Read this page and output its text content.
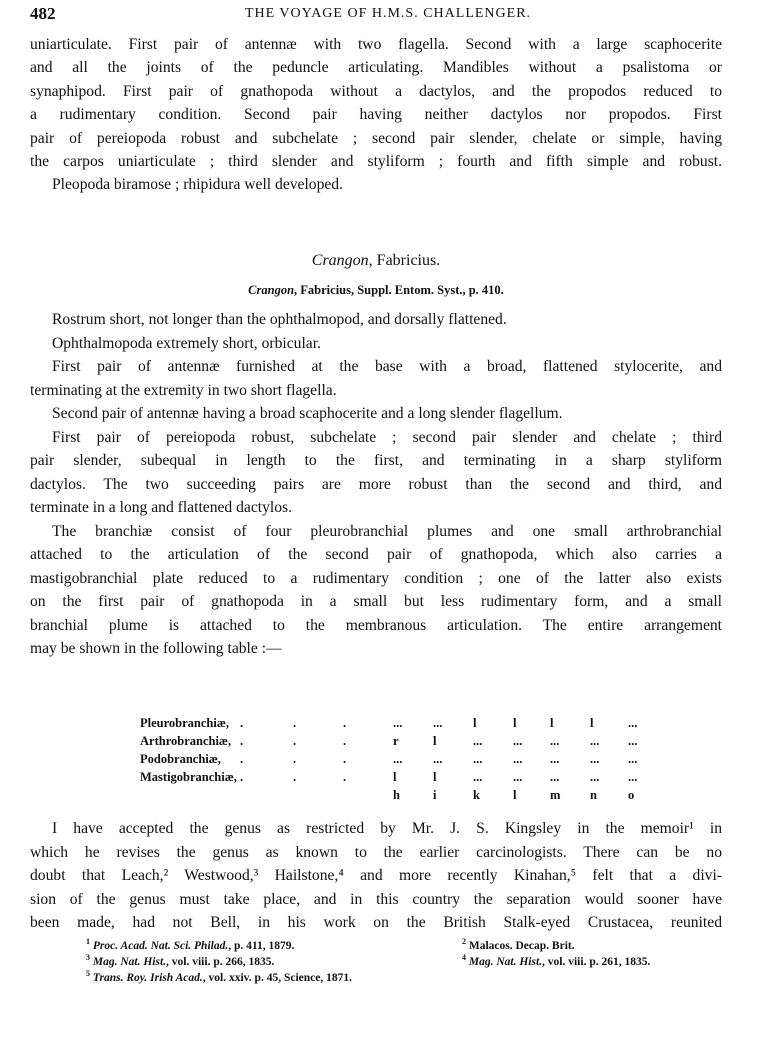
482	THE VOYAGE OF H.M.S. CHALLENGER.
uniarticulate. First pair of antennæ with two flagella. Second with a large scaphocerite
and all the joints of the peduncle articulating. Mandibles without a psalistoma or
synaphipod. First pair of gnathopoda without a dactylos, and the propodos reduced to
a rudimentary condition. Second pair having neither dactylos nor propodos. First
pair of pereiopoda robust and subchelate ; second pair slender, chelate or simple, having
the carpos uniarticulate ; third slender and styliform ; fourth and fifth simple and robust.
Pleopoda biramose ; rhipidura well developed.
Crangon, Fabricius.
Crangon, Fabricius, Suppl. Entom. Syst., p. 410.
Rostrum short, not longer than the ophthalmopod, and dorsally flattened.
Ophthalmopoda extremely short, orbicular.
First pair of antennæ furnished at the base with a broad, flattened stylocerite, and
terminating at the extremity in two short flagella.
Second pair of antennæ having a broad scaphocerite and a long slender flagellum.
First pair of pereiopoda robust, subchelate ; second pair slender and chelate ; third
pair slender, subequal in length to the first, and terminating in a sharp styliform
dactylos. The two succeeding pairs are more robust than the second and third, and
terminate in a long and flattened dactylos.
The branchiæ consist of four pleurobranchial plumes and one small arthrobranchial
attached to the articulation of the second pair of gnathopoda, which also carries a
mastigobranchial plate reduced to a rudimentary condition ; one of the latter also exists
on the first pair of gnathopoda in a small but less rudimentary form, and a small
branchial plume is attached to the membranous articulation. The entire arrangement
may be shown in the following table :—
Pleurobranchiæ, .	.	.	... ... l	l	l	l	...
Arthrobranchiæ, .	.	.	r	l	... ... ... ... ...
Podobranchiæ, .	.	.	... ... ... ... ... ... ...
Mastigobranchiæ, .	.	.	l	l	... ... ... ... ...
h	i	k	l	m n o
I have accepted the genus as restricted by Mr. J. S. Kingsley in the memoir¹ in
which he revises the genus as known to the earlier carcinologists. There can be no
doubt that Leach,² Westwood,³ Hailstone,⁴ and more recently Kinahan,⁵ felt that a divi-
sion of the genus must take place, and in this country the separation would sooner have
been made, had not Bell, in his work on the British Stalk-eyed Crustacea, reunited
$^1$ Proc. Acad. Nat. Sci. Philad., p. 411, 1879.	$^2$ Malacos. Decap. Brit.
$^3$ Mag. Nat. Hist., vol. viii. p. 266, 1835.	$^4$ Mag. Nat. Hist., vol. viii. p. 261, 1835.
$^5$ Trans. Roy. Irish Acad., vol. xxiv. p. 45, Science, 1871.
